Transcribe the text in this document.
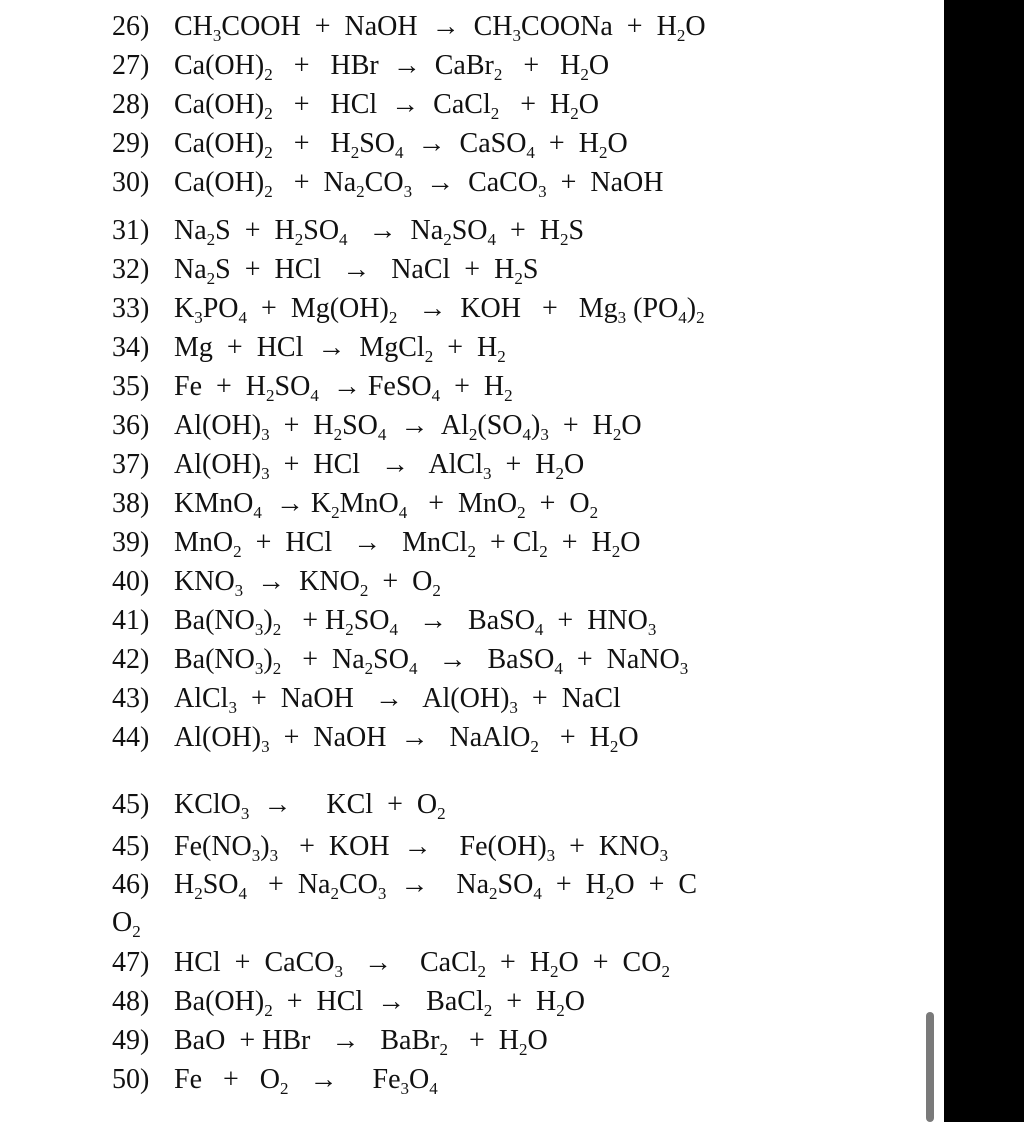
26) $CH_3COOH$  +  NaOH  →  $CH_3COONa + H_2O$
27) $Ca(OH)_2$   +   HBr  →  CaBr$_2$   +   $H_2O$
28) $Ca(OH)_2$   +   HCl  →  CaCl$_2$   +  $H_2O$
29) $Ca(OH)_2 + H_2SO_4$  →  CaSO$_4$  +  $H_2O$
30) $Ca(OH)_2 + Na_2CO_3$  →  CaCO$_3$  +  NaOH
31) $Na_2S + H_2SO_4 \to Na_2SO_4 + H_2S$
32) $Na_2S$  +  HCl   →   NaCl  +  $H_2S$
33) $K_3PO_4 + Mg(OH)_2$   →  KOH   +   $Mg_3$ $(PO_4)_2$
34) Mg  +  HCl  →  MgCl$_2$  +  $H_2$
35) $Fe + H_2SO_4$  → FeSO$_4$  +  $H_2$
36) $Al(OH)_3 + H_2SO_4 \to Al_2(SO_4)_3 + H_2O$
37) $Al(OH)_3$  +  HCl   →   AlCl$_3$  +  $H_2O$
38) KMnO$_4$  → $K_2MnO_4 + MnO_2 + O_2$
39) MnO$_2$  +  HCl   →   MnCl$_2$  + $Cl_2 + H_2O$
40) $KNO_3 \to KNO_2 + O_2$
41) $Ba(NO_3)_2 + H_2SO_4$   →   BaSO$_4$  +  $HNO_3$
42) $Ba(NO_3)_2 + Na_2SO_4$   →   BaSO$_4$  +  NaNO$_3$
43) AlCl$_3$  +  NaOH   →   $Al(OH)_3$  +  NaCl
44) $Al(OH)_3$  +  NaOH  →   NaAlO$_2$   +  $H_2O$
45) KClO$_3$  →     KCl  +  $O_2$
45) $Fe(NO_3)_3$   +  KOH  →    $Fe(OH)_3 + KNO_3$
46) $H_2SO_4 + Na_2CO_3$  →    $Na_2SO_4 + H_2O + C$
$O_2$
47) HCl  +  CaCO$_3$   →    CaCl$_2$  +  $H_2O + CO_2$
48) $Ba(OH)_2$  +  HCl  →   BaCl$_2$  +  $H_2O$
49) BaO  + HBr   →   BaBr$_2$   +  $H_2O$
50) $Fe + O_2$   →     $Fe_3O_4$
